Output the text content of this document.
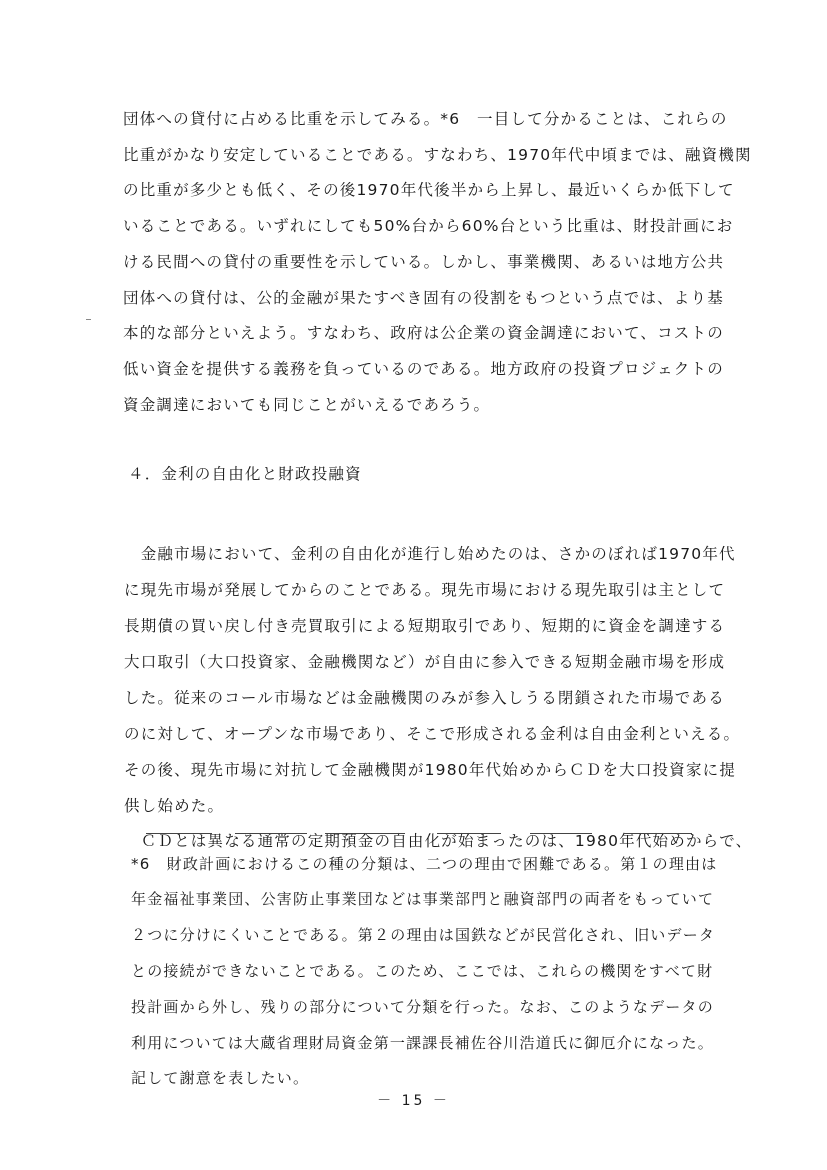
団体への貸付に占める比重を示してみる。*6　一目して分かることは、これらの
比重がかなり安定していることである。すなわち、1970年代中頃までは、融資機関
の比重が多少とも低く、その後1970年代後半から上昇し、最近いくらか低下して
いることである。いずれにしても50%台から60%台という比重は、財投計画にお
ける民間への貸付の重要性を示している。しかし、事業機関、あるいは地方公共
団体への貸付は、公的金融が果たすべき固有の役割をもつという点では、より基
本的な部分といえよう。すなわち、政府は公企業の資金調達において、コストの
低い資金を提供する義務を負っているのである。地方政府の投資プロジェクトの
資金調達においても同じことがいえるであろう。
４．金利の自由化と財政投融資
　金融市場において、金利の自由化が進行し始めたのは、さかのぼれば1970年代
に現先市場が発展してからのことである。現先市場における現先取引は主として
長期債の買い戻し付き売買取引による短期取引であり、短期的に資金を調達する
大口取引（大口投資家、金融機関など）が自由に参入できる短期金融市場を形成
した。従来のコール市場などは金融機関のみが参入しうる閉鎖された市場である
のに対して、オープンな市場であり、そこで形成される金利は自由金利といえる。
その後、現先市場に対抗して金融機関が1980年代始めからＣＤを大口投資家に提
供し始めた。
　ＣＤとは異なる通常の定期預金の自由化が始まったのは、1980年代始めからで、
*6　財政計画におけるこの種の分類は、二つの理由で困難である。第１の理由は
年金福祉事業団、公害防止事業団などは事業部門と融資部門の両者をもっていて
２つに分けにくいことである。第２の理由は国鉄などが民営化され、旧いデータ
との接続ができないことである。このため、ここでは、これらの機関をすべて財
投計画から外し、残りの部分について分類を行った。なお、このようなデータの
利用については大蔵省理財局資金第一課課長補佐谷川浩道氏に御厄介になった。
記して謝意を表したい。
－ 15 －
